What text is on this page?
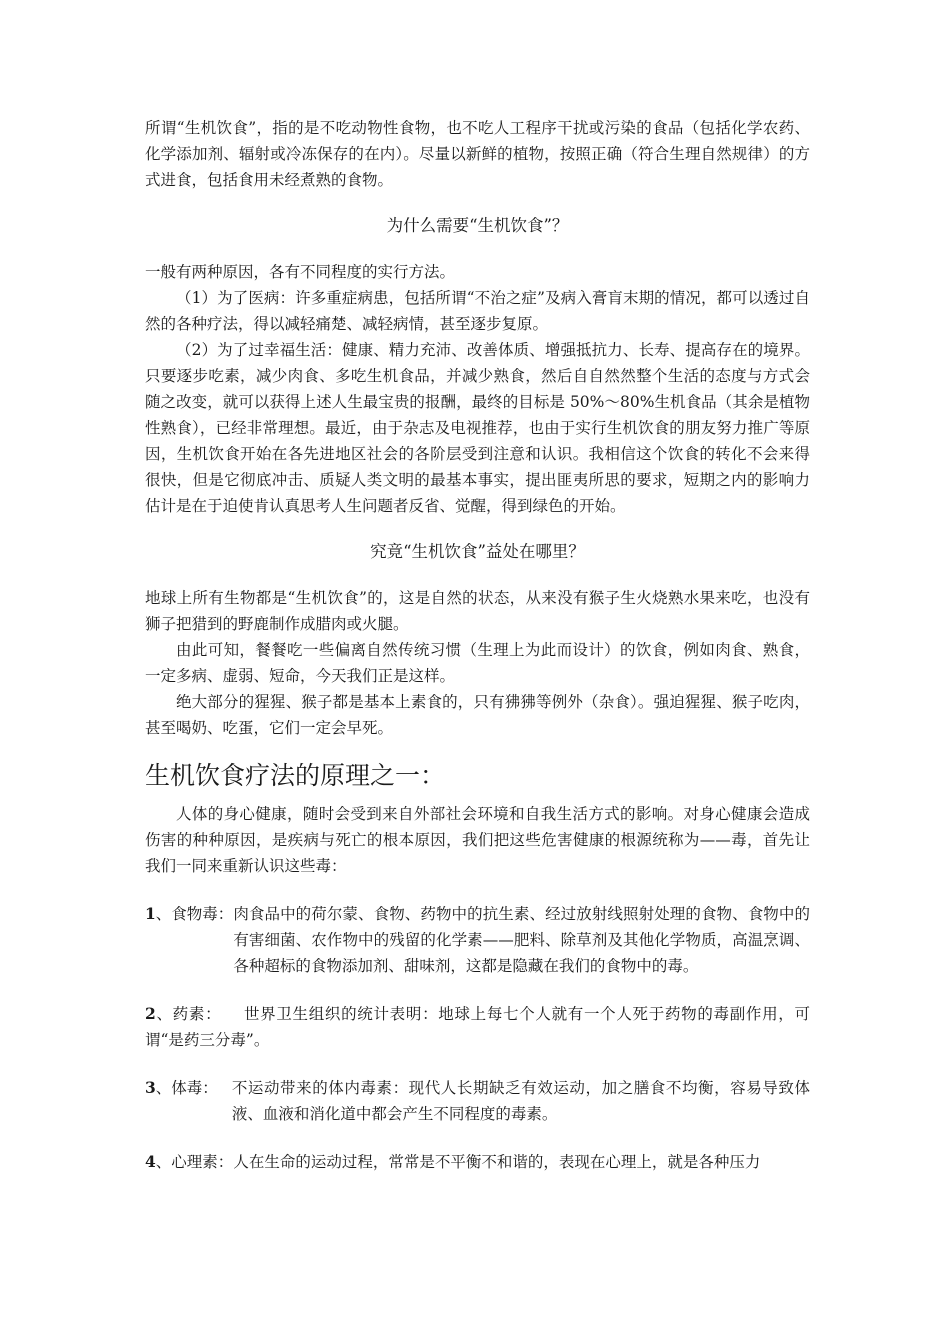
所谓“生机饮食”，指的是不吃动物性食物，也不吃人工程序干扰或污染的食品（包括化学农药、化学添加剂、辐射或冷冻保存的在内）。尽量以新鲜的植物，按照正确（符合生理自然规律）的方式进食，包括食用未经煮熟的食物。

为什么需要“生机饮食”？

一般有两种原因，各有不同程度的实行方法。

（1）为了医病：许多重症病患，包括所谓“不治之症”及病入膏肓末期的情况，都可以透过自然的各种疗法，得以减轻痛楚、减轻病情，甚至逐步复原。

（2）为了过幸福生活：健康、精力充沛、改善体质、增强抵抗力、长寿、提高存在的境界。只要逐步吃素，减少肉食、多吃生机食品，并减少熟食，然后自自然然整个生活的态度与方式会随之改变，就可以获得上述人生最宝贵的报酬，最终的目标是 50%～80%生机食品（其余是植物性熟食），已经非常理想。最近，由于杂志及电视推荐，也由于实行生机饮食的朋友努力推广等原因，生机饮食开始在各先进地区社会的各阶层受到注意和认识。我相信这个饮食的转化不会来得很快，但是它彻底冲击、质疑人类文明的最基本事实，提出匪夷所思的要求，短期之内的影响力估计是在于迫使肯认真思考人生问题者反省、觉醒，得到绿色的开始。

究竟“生机饮食”益处在哪里？

地球上所有生物都是“生机饮食”的，这是自然的状态，从来没有猴子生火烧熟水果来吃，也没有狮子把猎到的野鹿制作成腊肉或火腿。

由此可知，餐餐吃一些偏离自然传统习惯（生理上为此而设计）的饮食，例如肉食、熟食，一定多病、虚弱、短命，今天我们正是这样。

绝大部分的猩猩、猴子都是基本上素食的，只有狒狒等例外（杂食）。强迫猩猩、猴子吃肉，甚至喝奶、吃蛋，它们一定会早死。

生机饮食疗法的原理之一：

人体的身心健康，随时会受到来自外部社会环境和自我生活方式的影响。对身心健康会造成伤害的种种原因，是疾病与死亡的根本原因，我们把这些危害健康的根源统称为——毒，首先让我们一同来重新认识这些毒：

1 、食物毒： 肉食品中的荷尔蒙、食物、药物中的抗生素、经过放射线照射处理的食物、食物中的有害细菌、农作物中的残留的化学素——肥料、除草剂及其他化学物质，高温烹调、各种超标的食物添加剂、甜味剂，这都是隐藏在我们的食物中的毒。
2、药素： 世界卫生组织的统计表明：地球上每七个人就有一个人死于药物的毒副作用，可谓“是药三分毒”。
3 、体毒： 不运动带来的体内毒素：现代人长期缺乏有效运动，加之膳食不均衡，容易导致体液、血液和消化道中都会产生不同程度的毒素。
4 、心理素： 人在生命的运动过程，常常是不平衡不和谐的，表现在心理上，就是各种压力
